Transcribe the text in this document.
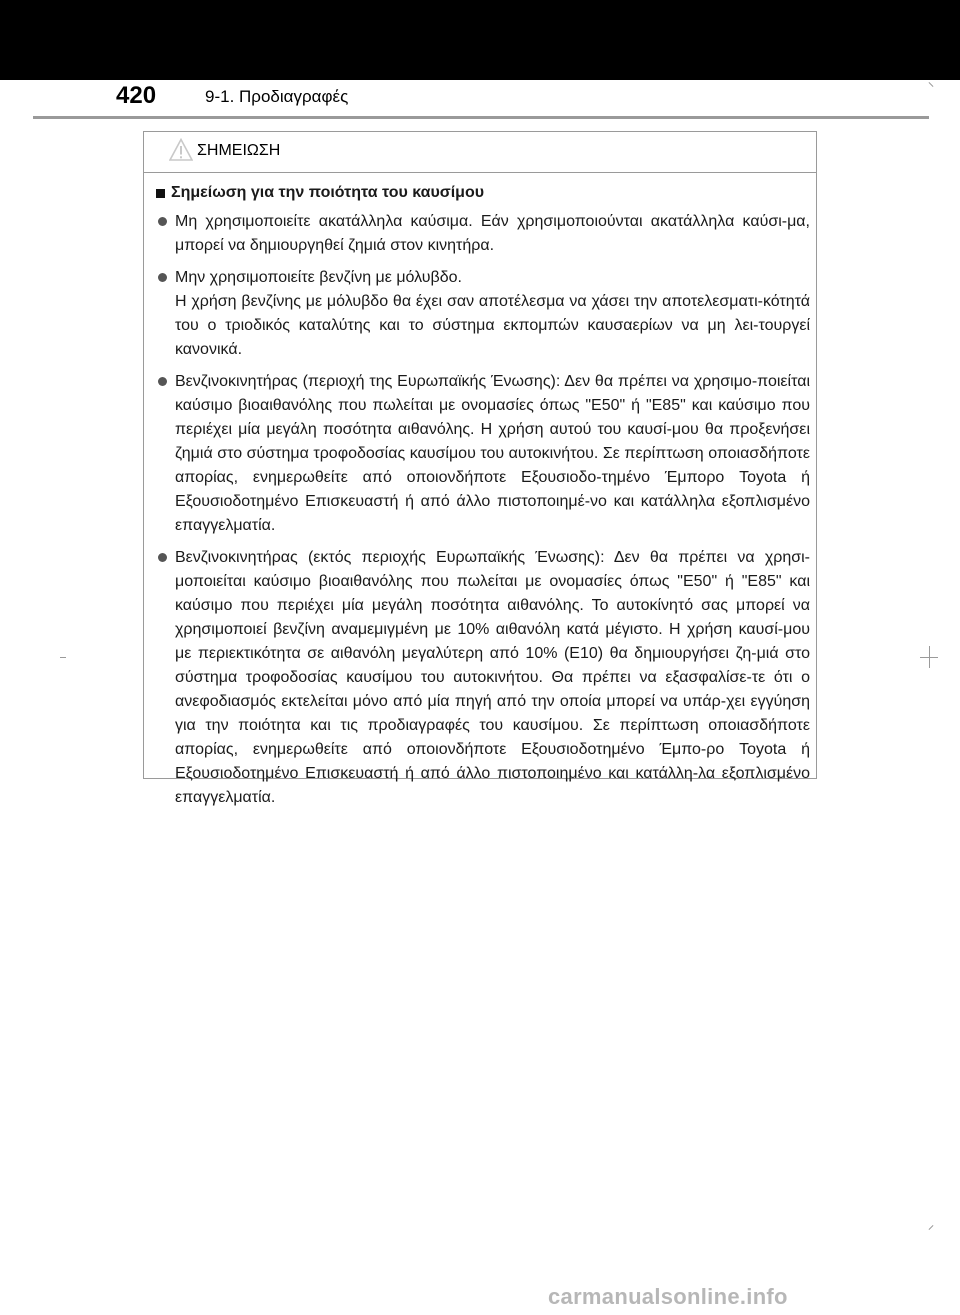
420	9-1. Προδιαγραφές
ΣΗΜΕΙΩΣΗ
Σημείωση για την ποιότητα του καυσίμου
Μη χρησιμοποιείτε ακατάλληλα καύσιμα. Εάν χρησιμοποιούνται ακατάλληλα καύσι-μα, μπορεί να δημιουργηθεί ζημιά στον κινητήρα.
Μην χρησιμοποιείτε βενζίνη με μόλυβδο.
Η χρήση βενζίνης με μόλυβδο θα έχει σαν αποτέλεσμα να χάσει την αποτελεσματι-κότητά του ο τριοδικός καταλύτης και το σύστημα εκπομπών καυσαερίων να μη λει-τουργεί κανονικά.
Βενζινοκινητήρας (περιοχή της Ευρωπαϊκής Ένωσης): Δεν θα πρέπει να χρησιμο-ποιείται καύσιμο βιοαιθανόλης που πωλείται με ονομασίες όπως "E50" ή "E85" και καύσιμο που περιέχει μία μεγάλη ποσότητα αιθανόλης. Η χρήση αυτού του καυσί-μου θα προξενήσει ζημιά στο σύστημα τροφοδοσίας καυσίμου του αυτοκινήτου. Σε περίπτωση οποιασδήποτε απορίας, ενημερωθείτε από οποιονδήποτε Εξουσιοδο-τημένο Έμπορο Toyota ή Εξουσιοδοτημένο Επισκευαστή ή από άλλο πιστοποιημέ-νο και κατάλληλα εξοπλισμένο επαγγελματία.
Βενζινοκινητήρας (εκτός περιοχής Ευρωπαϊκής Ένωσης): Δεν θα πρέπει να χρησι-μοποιείται καύσιμο βιοαιθανόλης που πωλείται με ονομασίες όπως "E50" ή "E85" και καύσιμο που περιέχει μία μεγάλη ποσότητα αιθανόλης. Το αυτοκίνητό σας μπορεί να χρησιμοποιεί βενζίνη αναμεμιγμένη με 10% αιθανόλη κατά μέγιστο. Η χρήση καυσί-μου με περιεκτικότητα σε αιθανόλη μεγαλύτερη από 10% (E10) θα δημιουργήσει ζη-μιά στο σύστημα τροφοδοσίας καυσίμου του αυτοκινήτου. Θα πρέπει να εξασφαλίσε-τε ότι ο ανεφοδιασμός εκτελείται μόνο από μία πηγή από την οποία μπορεί να υπάρ-χει εγγύηση για την ποιότητα και τις προδιαγραφές του καυσίμου. Σε περίπτωση οποιασδήποτε απορίας, ενημερωθείτε από οποιονδήποτε Εξουσιοδοτημένο Έμπο-ρο Toyota ή Εξουσιοδοτημένο Επισκευαστή ή από άλλο πιστοποιημένο και κατάλλη-λα εξοπλισμένο επαγγελματία.
carmanualsonline.info
